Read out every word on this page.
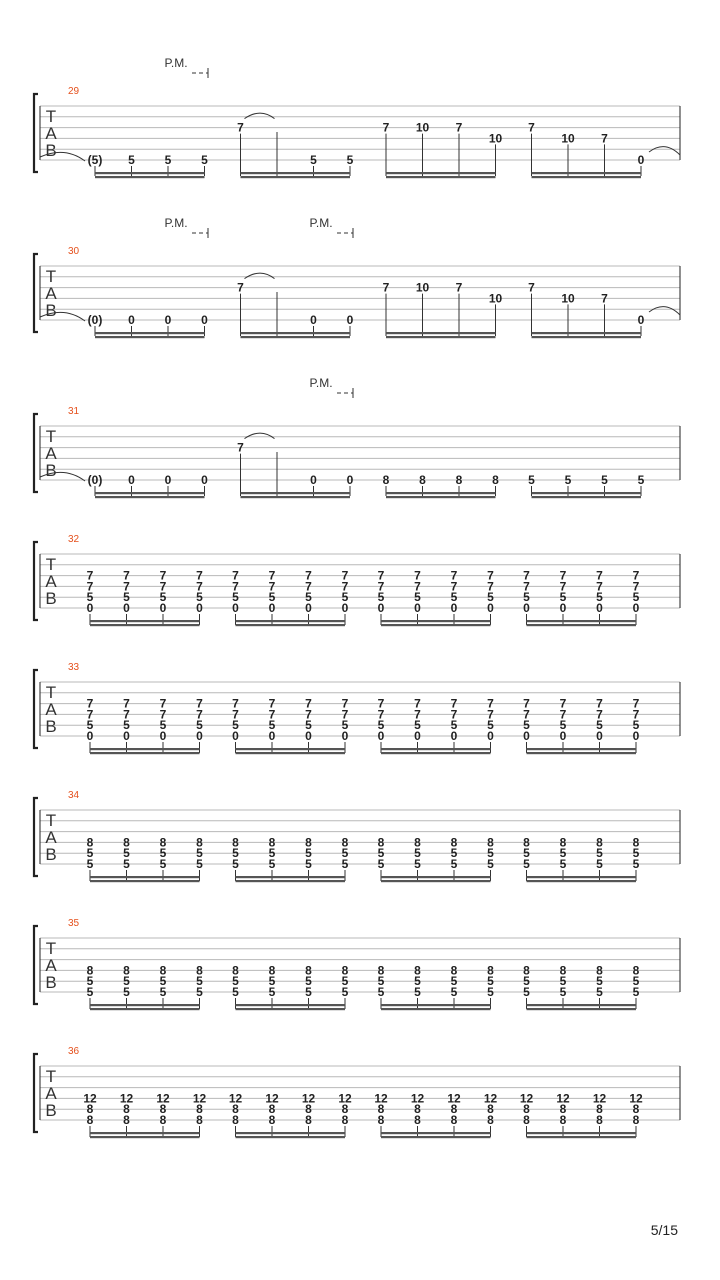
T
A
B
29
P.M.
(5) 5 5 5
7
5 5
7 10 7
10
7
10 7
0
T
A
B
30
P.M.	P.M.
(0) 0 0 0
7
0 0
7 10 7
10
7
10 7
0
T
A
B
31
P.M.
(0) 0 0 0
7
0 0 8 8 8 8 5 5 5 5
T
A
B
32
7
7
5
0
7
7
5
0
7
7
5
0
7
7
5
0
7
7
5
0
7
7
5
0
7
7
5
0
7
7
5
0
7
7
5
0
7
7
5
0
7
7
5
0
7
7
5
0
7
7
5
0
7
7
5
0
7
7
5
0
7
7
5
0
T
A
B
33
7
7
5
0
7
7
5
0
7
7
5
0
7
7
5
0
7
7
5
0
7
7
5
0
7
7
5
0
7
7
5
0
7
7
5
0
7
7
5
0
7
7
5
0
7
7
5
0
7
7
5
0
7
7
5
0
7
7
5
0
7
7
5
0
T
A
B
34
8
5
5
8
5
5
8
5
5
8
5
5
8
5
5
8
5
5
8
5
5
8
5
5
8
5
5
8
5
5
8
5
5
8
5
5
8
5
5
8
5
5
8
5
5
8
5
5
T
A
B
35
8
5
5
8
5
5
8
5
5
8
5
5
8
5
5
8
5
5
8
5
5
8
5
5
8
5
5
8
5
5
8
5
5
8
5
5
8
5
5
8
5
5
8
5
5
8
5
5
T
A
B
36
12
8
8
12
8
8
12
8
8
12
8
8
12
8
8
12
8
8
12
8
8
12
8
8
12
8
8
12
8
8
12
8
8
12
8
8
12
8
8
12
8
8
12
8
8
12
8
8
5/15
